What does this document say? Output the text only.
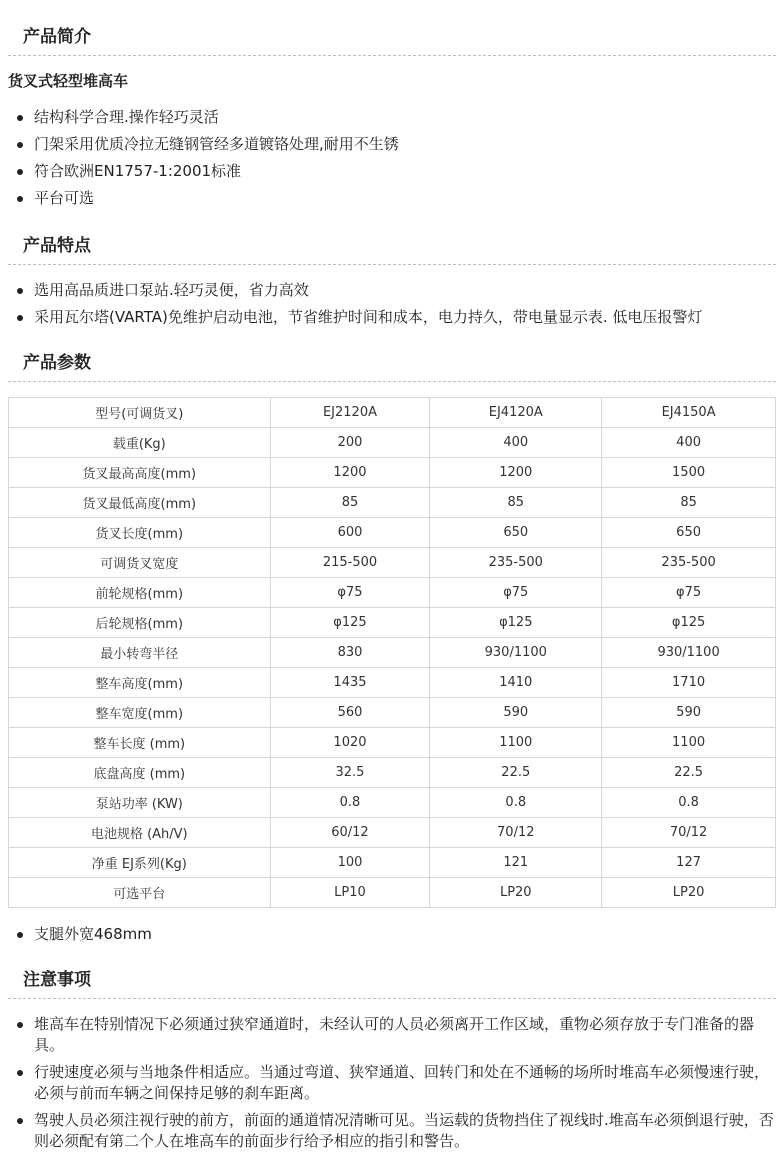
产品简介
货叉式轻型堆高车
结构科学合理.操作轻巧灵活
门架采用优质冷拉无缝钢管经多道镀铬处理,耐用不生锈
符合欧洲EN1757-1:2001标准
平台可选
产品特点
选用高品质进口泵站.轻巧灵便，省力高效
采用瓦尔塔(VARTA)免维护启动电池，节省维护时间和成本，电力持久，带电量显示表. 低电压报警灯
产品参数
型号(可调货叉)	EJ2120A	EJ4120A	EJ4150A
载重(Kg)	200	400	400
货叉最高高度(mm)	1200	1200	1500
货叉最低高度(mm)	85	85	85
货叉长度(mm)	600	650	650
可调货叉宽度	215-500	235-500	235-500
前轮规格(mm)	φ75	φ75	φ75
后轮规格(mm)	φ125	φ125	φ125
最小转弯半径	830	930/1100	930/1100
整车高度(mm)	1435	1410	1710
整车宽度(mm)	560	590	590
整车长度 (mm)	1020	1100	1100
底盘高度 (mm)	32.5	22.5	22.5
泵站功率 (KW)	0.8	0.8	0.8
电池规格 (Ah/V)	60/12	70/12	70/12
净重 EJ系列(Kg)	100	121	127
可选平台	LP10	LP20	LP20
支腿外宽468mm
注意事项
堆高车在特别情况下必须通过狭窄通道时，未经认可的人员必须离开工作区域，重物必须存放于专门准备的器具。
行驶速度必须与当地条件相适应。当通过弯道、狭窄通道、回转门和处在不通畅的场所时堆高车必须慢速行驶，必须与前而车辆之间保持足够的刹车距离。
驾驶人员必须注视行驶的前方，前面的通道情况清晰可见。当运载的货物挡住了视线时.堆高车必须倒退行驶，否则必须配有第二个人在堆高车的前面步行给予相应的指引和警告。
